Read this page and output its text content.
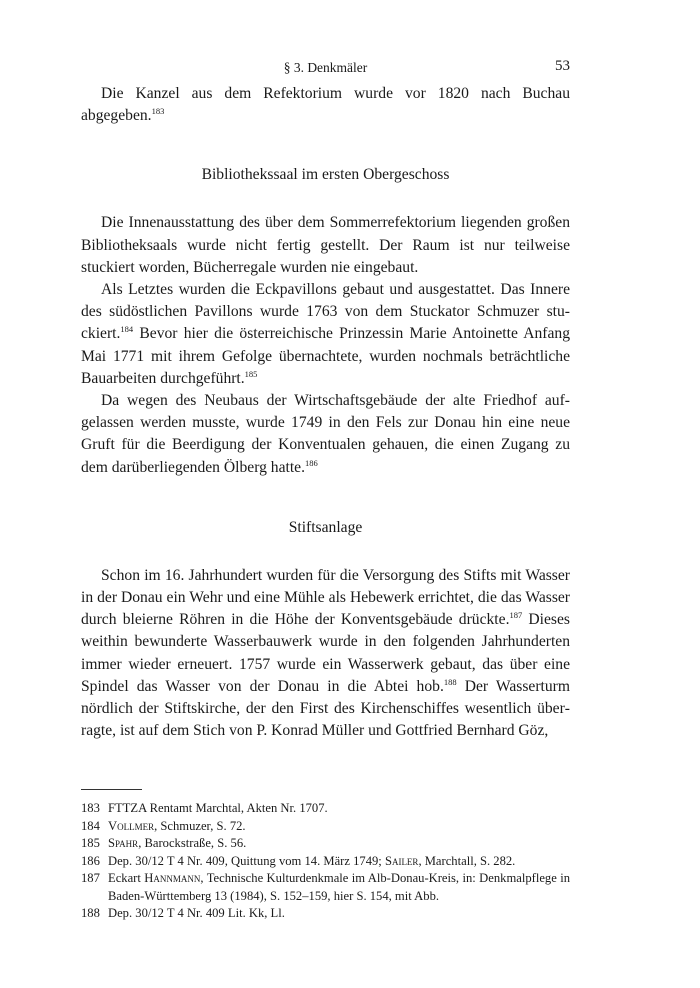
§ 3. Denkmäler	53

Die Kanzel aus dem Refektorium wurde vor 1820 nach Buchau abgegeben.$^{183}$

Bibliothekssaal im ersten Obergeschoss

Die Innenausstattung des über dem Sommerrefektorium liegenden großen Bibliotheksaals wurde nicht fertig gestellt. Der Raum ist nur teilweise stuckiert worden, Bücherregale wurden nie eingebaut.

Als Letztes wurden die Eckpavillons gebaut und ausgestattet. Das Innere des südöstlichen Pavillons wurde 1763 von dem Stuckator Schmuzer stuckiert.$^{184}$ Bevor hier die österreichische Prinzessin Marie Antoinette Anfang Mai 1771 mit ihrem Gefolge übernachtete, wurden nochmals beträchtliche Bauarbeiten durchgeführt.$^{185}$

Da wegen des Neubaus der Wirtschaftsgebäude der alte Friedhof aufgelassen werden musste, wurde 1749 in den Fels zur Donau hin eine neue Gruft für die Beerdigung der Konventualen gehauen, die einen Zugang zu dem darüberliegenden Ölberg hatte.$^{186}$

Stiftsanlage

Schon im 16. Jahrhundert wurden für die Versorgung des Stifts mit Wasser in der Donau ein Wehr und eine Mühle als Hebewerk errichtet, die das Wasser durch bleierne Röhren in die Höhe der Konventsgebäude drückte.$^{187}$ Dieses weithin bewunderte Wasserbauwerk wurde in den folgenden Jahrhunderten immer wieder erneuert. 1757 wurde ein Wasserwerk gebaut, das über eine Spindel das Wasser von der Donau in die Abtei hob.$^{188}$ Der Wasserturm nördlich der Stiftskirche, der den First des Kirchenschiffes wesentlich überragte, ist auf dem Stich von P. Konrad Müller und Gottfried Bernhard Göz,

183 FTTZA Rentamt Marchtal, Akten Nr. 1707.
184 Vollmer, Schmuzer, S. 72.
185 Spahr, Barockstraße, S. 56.
186 Dep. 30/12 T 4 Nr. 409, Quittung vom 14. März 1749; Sailer, Marchtall, S. 282.
187 Eckart Hannmann, Technische Kulturdenkmale im Alb-Donau-Kreis, in: Denkmalpflege in Baden-Württemberg 13 (1984), S. 152–159, hier S. 154, mit Abb.
188 Dep. 30/12 T 4 Nr. 409 Lit. Kk, Ll.
